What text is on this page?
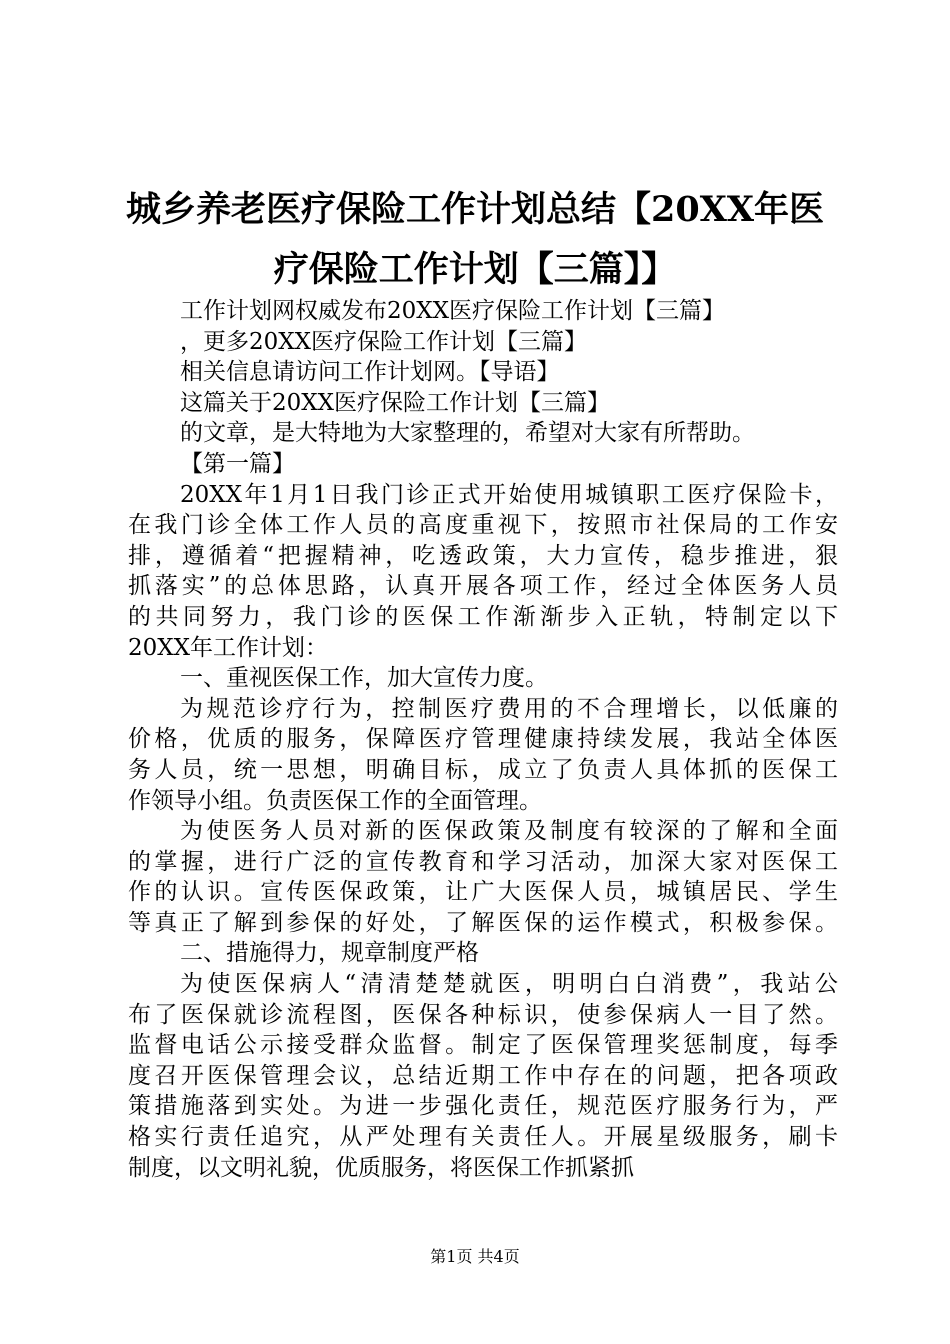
城乡养老医疗保险工作计划总结【20XX年医
疗保险工作计划【三篇】】
工作计划网权威发布20XX医疗保险工作计划【三篇】
，更多20XX医疗保险工作计划【三篇】
相关信息请访问工作计划网。【导语】
这篇关于20XX医疗保险工作计划【三篇】
的文章，是大特地为大家整理的，希望对大家有所帮助。
【第一篇】
20XX年1月1日我门诊正式开始使用城镇职工医疗保险卡，
在我门诊全体工作人员的高度重视下，按照市社保局的工作安
排，遵循着“把握精神，吃透政策，大力宣传，稳步推进，狠
抓落实”的总体思路，认真开展各项工作，经过全体医务人员
的共同努力，我门诊的医保工作渐渐步入正轨，特制定以下
20XX年工作计划：
一、重视医保工作，加大宣传力度。
为规范诊疗行为，控制医疗费用的不合理增长，以低廉的
价格，优质的服务，保障医疗管理健康持续发展，我站全体医
务人员，统一思想，明确目标，成立了负责人具体抓的医保工
作领导小组。负责医保工作的全面管理。
为使医务人员对新的医保政策及制度有较深的了解和全面
的掌握，进行广泛的宣传教育和学习活动，加深大家对医保工
作的认识。宣传医保政策，让广大医保人员，城镇居民、学生
等真正了解到参保的好处，了解医保的运作模式，积极参保。
二、措施得力，规章制度严格
为使医保病人“清清楚楚就医，明明白白消费”，我站公
布了医保就诊流程图，医保各种标识，使参保病人一目了然。
监督电话公示接受群众监督。制定了医保管理奖惩制度，每季
度召开医保管理会议，总结近期工作中存在的问题，把各项政
策措施落到实处。为进一步强化责任，规范医疗服务行为，严
格实行责任追究，从严处理有关责任人。开展星级服务，刷卡
制度，以文明礼貌，优质服务，将医保工作抓紧抓
第1页 共4页
